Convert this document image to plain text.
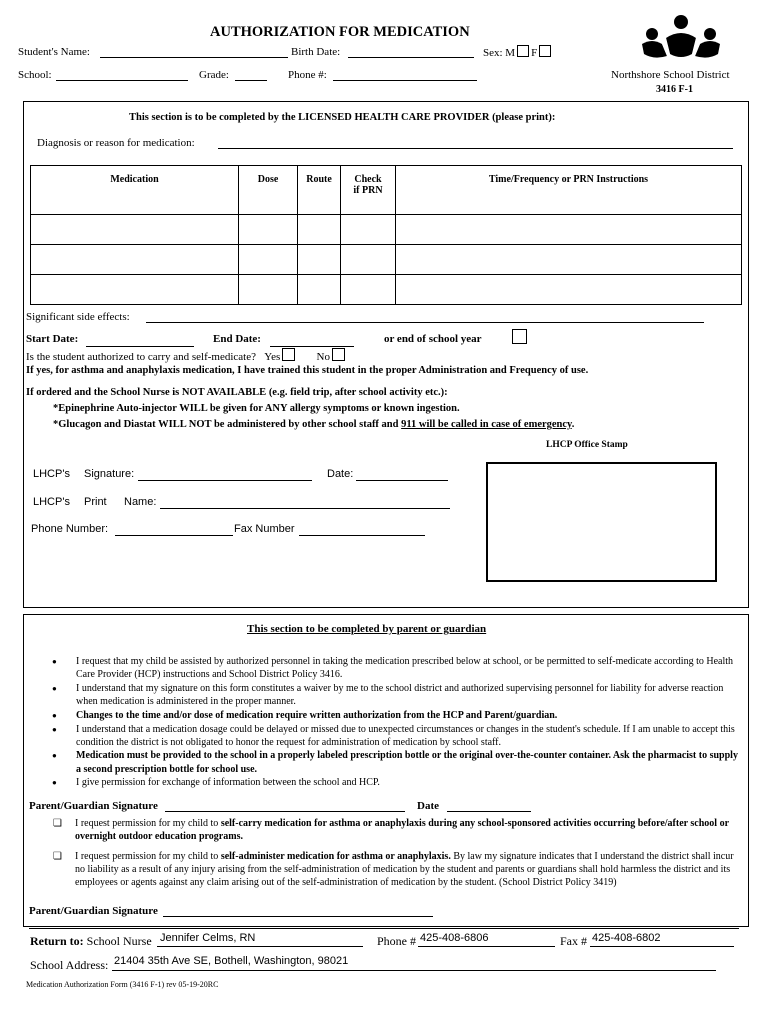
AUTHORIZATION FOR MEDICATION
Student's Name:	Birth Date:	Sex: M F
School:	Grade:	Phone #:	Northshore School District
3416 F-1
This section is to be completed by the LICENSED HEALTH CARE PROVIDER (please print):
Diagnosis or reason for medication:
Medication	Dose	Route	Check
if PRN	Time/Frequency or PRN Instructions

Significant side effects:
Start Date:	End Date:	or end of school year
Is the student authorized to carry and self-medicate? Yes	No
If yes, for asthma and anaphylaxis medication, I have trained this student in the proper Administration and Frequency of use.
If ordered and the School Nurse is NOT AVAILABLE (e.g. field trip, after school activity etc.):
*Epinephrine Auto-injector WILL be given for ANY allergy symptoms or known ingestion.
*Glucagon and Diastat WILL NOT be administered by other school staff and 911 will be called in case of emergency.
LHCP Office Stamp
LHCP's Signature:	Date:
LHCP's Print Name:
Phone Number:	Fax Number
This section to be completed by parent or guardian
● I request that my child be assisted by authorized personnel in taking the medication prescribed below at school, or be permitted to self-medicate according to Health Care Provider (HCP) instructions and School District Policy 3416.
● I understand that my signature on this form constitutes a waiver by me to the school district and authorized supervising personnel for liability for adverse reaction when medication is administered in the proper manner.
● Changes to the time and/or dose of medication require written authorization from the HCP and Parent/guardian.
● I understand that a medication dosage could be delayed or missed due to unexpected circumstances or changes in the student's schedule. If I am unable to accept this condition the district is not obligated to honor the request for administration of medication by school staff.
● Medication must be provided to the school in a properly labeled prescription bottle or the original over-the-counter container. Ask the pharmacist to supply a second prescription bottle for school use.
● I give permission for exchange of information between the school and HCP.
Parent/Guardian Signature	Date
❏ I request permission for my child to self-carry medication for asthma or anaphylaxis during any school-sponsored activities occurring before/after school or overnight outdoor education programs.
❏ I request permission for my child to self-administer medication for asthma or anaphylaxis. By law my signature indicates that I understand the district shall incur no liability as a result of any injury arising from the self-administration of medication by the student and parents or guardians shall hold harmless the district and its employees or agents against any claim arising out of the self-administration of medication by the student. (School District Policy 3419)
Parent/Guardian Signature
Return to: School Nurse Jennifer Celms, RN	Phone # 425-408-6806	Fax # 425-408-6802
School Address: 21404 35th Ave SE, Bothell, Washington, 98021
Medication Authorization Form (3416 F-1) rev 05-19-20RC
